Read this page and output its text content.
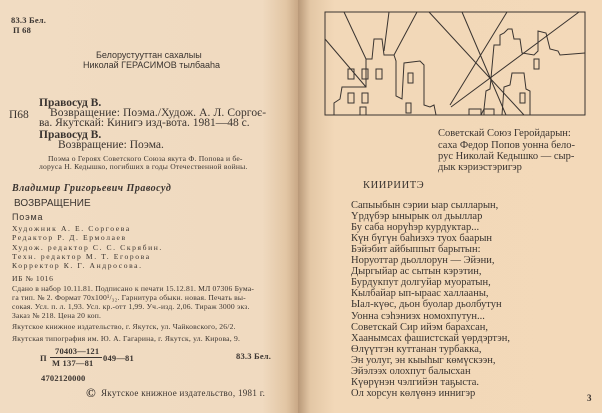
83.3 Бел.
П 68
Белорустууттан сахалыы
Николай ГЕРАСИМОВ тылбааһа
Правосуд В.
П68 Возвращение: Поэма./Худож. А. Л. Соргоє-
ва. Якутскай: Кинигэ изд-вота. 1981—48 с.
Правосуд В.
Возвращение: Поэма.
Поэма о Героях Советского Союза якута Ф. Попова и бе-
лоруса Н. Кедышко, погибших в годы Отечественной войны.
Владимир Григорьевич Правосуд
ВОЗВРАЩЕНИЕ
Поэма
Художник А. Е. Соргоева
Редактор Р. Д. Ермолаев
Худож. редактор С. С. Скрябин.
Техн. редактор М. Т. Егорова
Корректор К. Г. Андросова.
ИБ № 1016
Сдано в набор 10.11.81. Подписано к печати 15.12.81. МЛ 07306 Бума-
га тип. № 2. Формат 70x100¹/₃₂. Гарнитура обыкн. новая. Печать вы-
сокая. Усл. п. л. 1,93. Усл. кр.-отт 1,99. Уч.-изд. 2,06. Тираж 3000 экз.
Заказ № 218. Цена 20 коп.
Якутское книжное издательство, г. Якутск, ул. Чайковского, 26/2.
Якутская типография им. Ю. А. Гагарина, г. Якутск, ул. Кирова, 9.
П
70403—121
М 137—81 049—81	83.3 Бел.
4702120000
© Якутское книжное издательство, 1981 г.
Советскай Союз Геройдарын:
саха Федор Попов уонна бело-
рус Николай Кедышко — сыр-
дык кэриэстэригэр
КИИРИИТЭ
Сапыыбын сэрии ыар сылларын,
Үрдүбэр ынырык ол дьыллар
Бу саба норүһэр курдуктар...
Күн бүгүн баһиэхэ туох баарын
Бэйэбит айбыппыт барытын:
Норуоттар дьоллорун — Эйэни,
Дыргыйар ас сытын кэрэтин,
Бурдукпут долгуйар муоратын,
Кылбайар ып-ыраас халлааны,
Ыал-күөс, дьон буолар дьолбутун
Уонна сэһэниэх номохпутун...
Советскай Сир ийэм барахсан,
Хаанымсах фашистскай үөрдэртэн,
Өлүүттэн куттанан турбакка,
Эн уолуг, эн кыыһыг көмүскээн,
Эйэлээх олохпут балысхан
Күөрүнэн чэлгийэн таҕыста.
Ол хорсун көлүөнэ иннигэр	3
